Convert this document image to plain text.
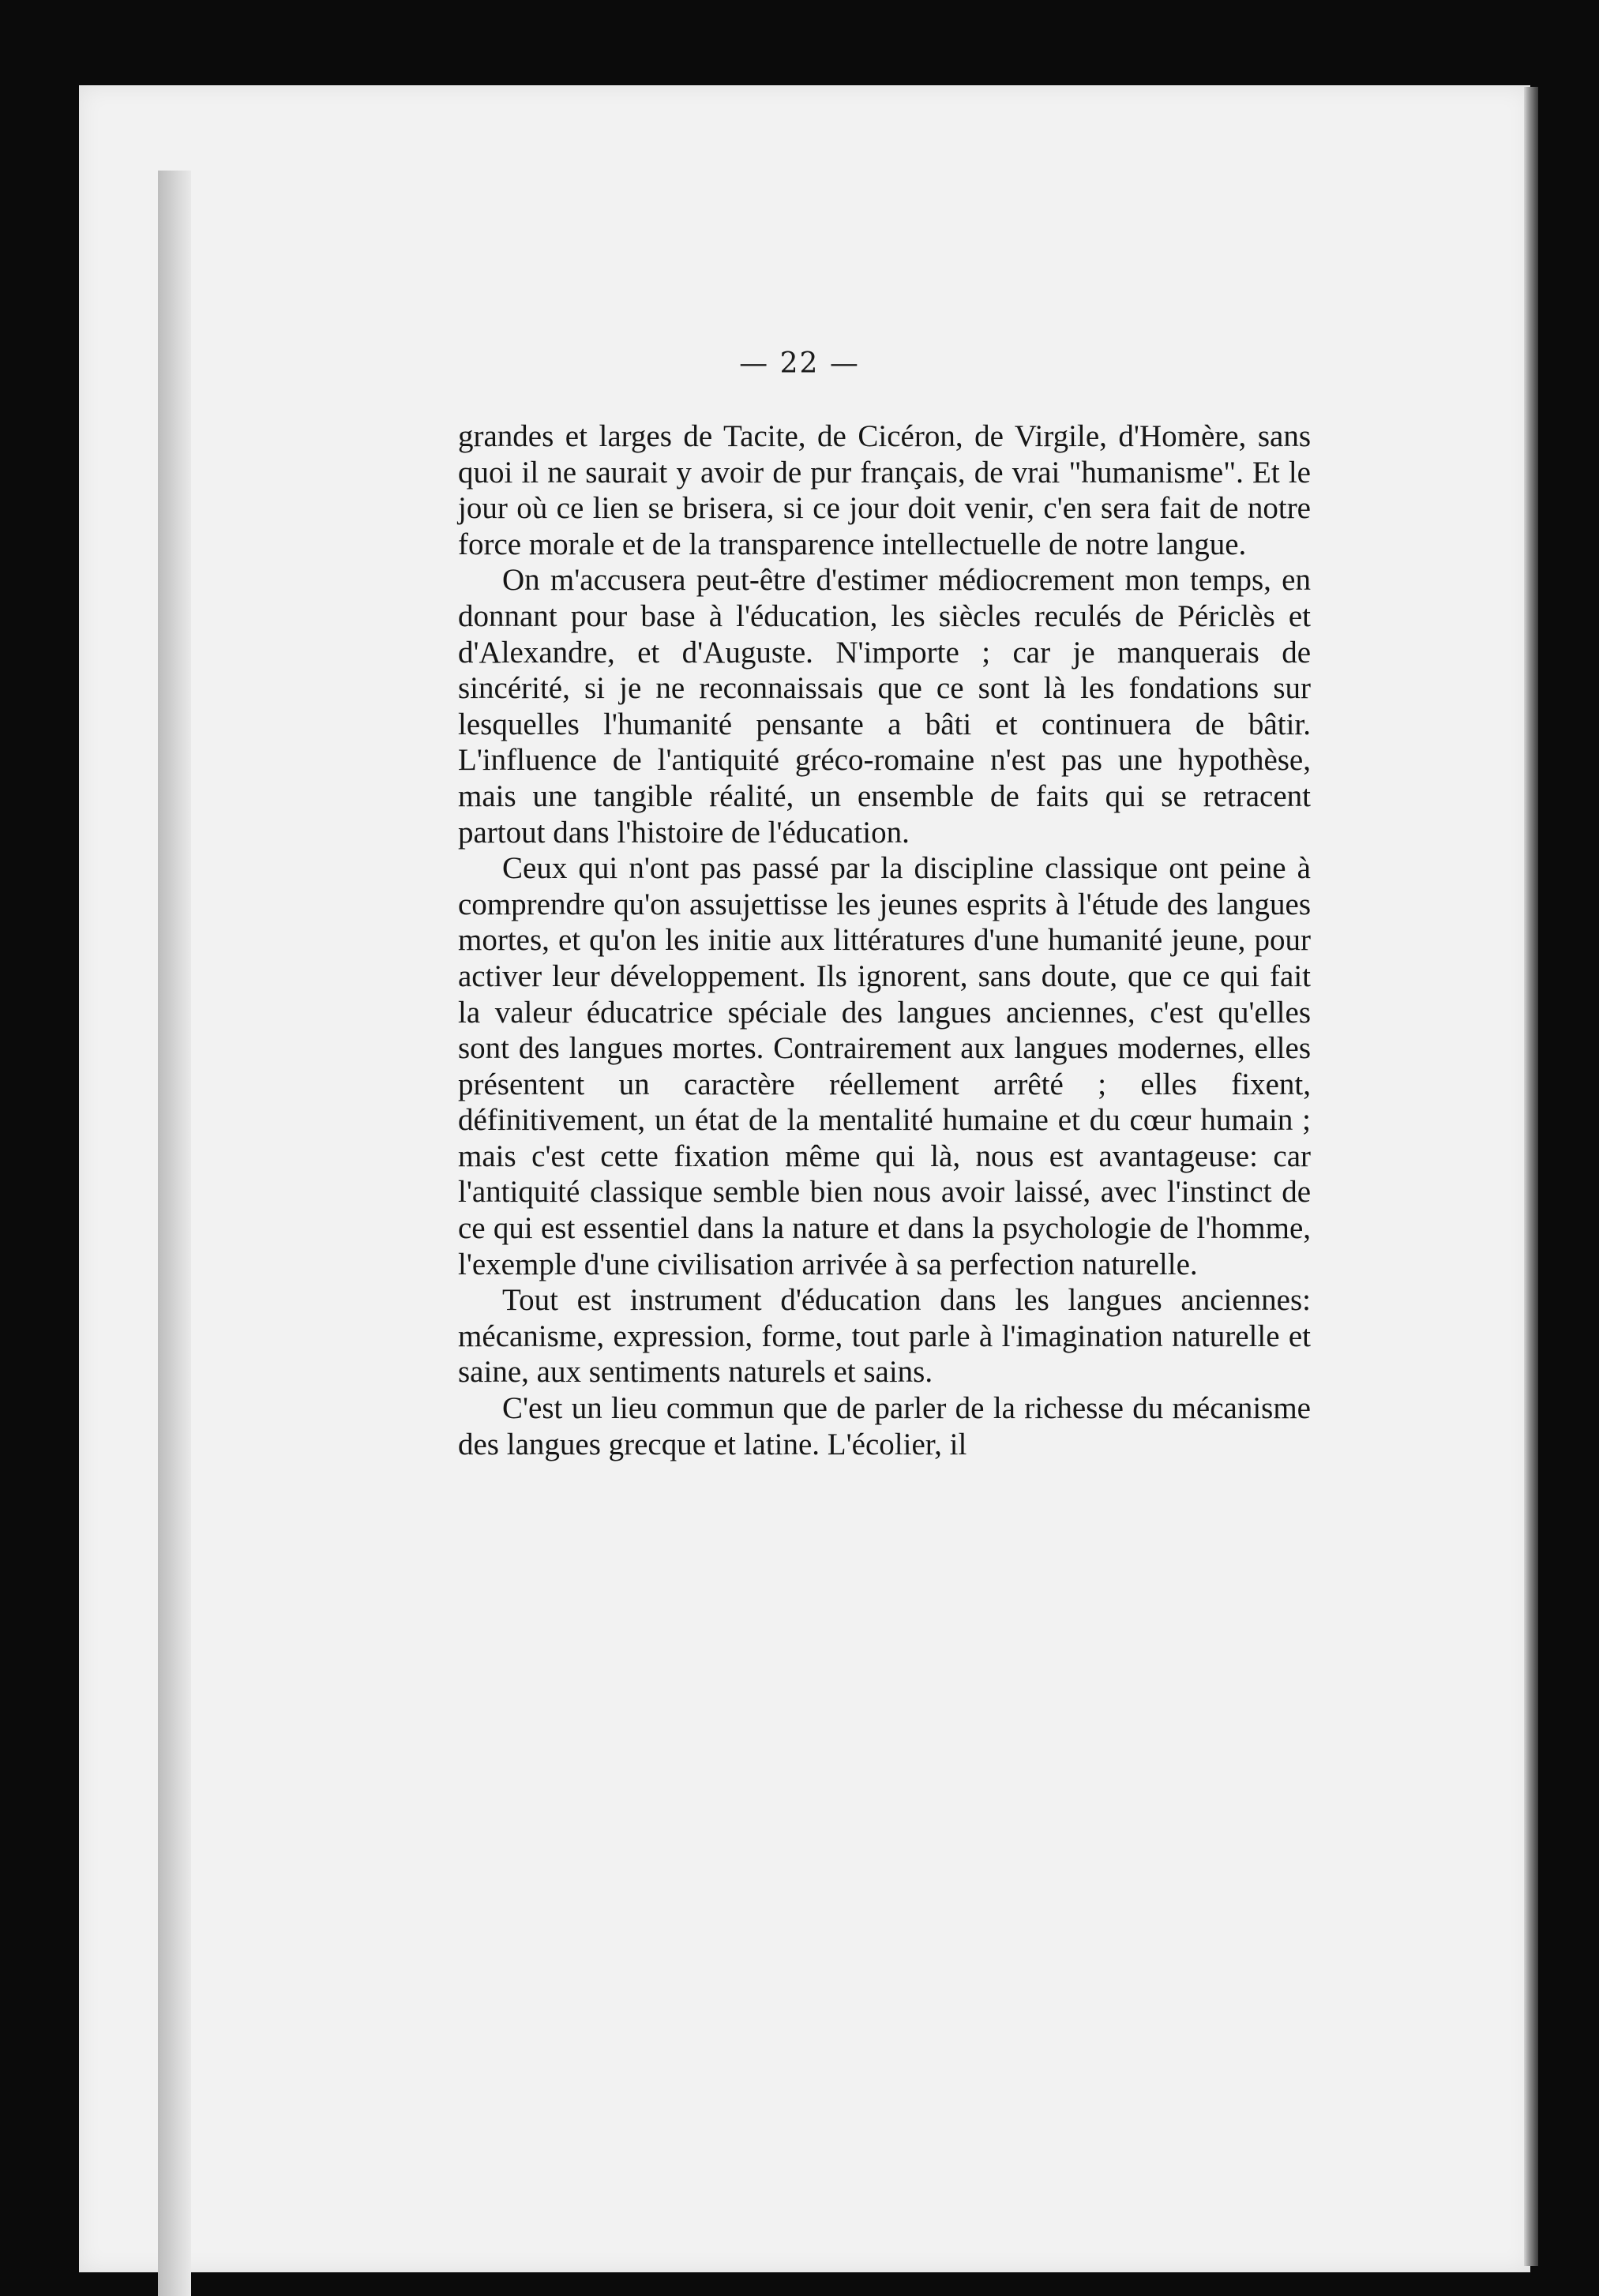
— 22 —

grandes et larges de Tacite, de Cicéron, de Virgile, d'Homère, sans quoi il ne saurait y avoir de pur français, de vrai "humanisme". Et le jour où ce lien se brisera, si ce jour doit venir, c'en sera fait de notre force morale et de la transparence intellectuelle de notre langue.

On m'accusera peut-être d'estimer médiocrement mon temps, en donnant pour base à l'éducation, les siècles reculés de Périclès et d'Alexandre, et d'Auguste. N'importe ; car je manquerais de sincérité, si je ne reconnaissais que ce sont là les fondations sur lesquelles l'humanité pensante a bâti et continuera de bâtir. L'influence de l'antiquité gréco-romaine n'est pas une hypothèse, mais une tangible réalité, un ensemble de faits qui se retracent partout dans l'histoire de l'éducation.

Ceux qui n'ont pas passé par la discipline classique ont peine à comprendre qu'on assujettisse les jeunes esprits à l'étude des langues mortes, et qu'on les initie aux littératures d'une humanité jeune, pour activer leur développement. Ils ignorent, sans doute, que ce qui fait la valeur éducatrice spéciale des langues anciennes, c'est qu'elles sont des langues mortes. Contrairement aux langues modernes, elles présentent un caractère réellement arrêté ; elles fixent, définitivement, un état de la mentalité humaine et du cœur humain ; mais c'est cette fixation même qui là, nous est avantageuse: car l'antiquité classique semble bien nous avoir laissé, avec l'instinct de ce qui est essentiel dans la nature et dans la psychologie de l'homme, l'exemple d'une civilisation arrivée à sa perfection naturelle.

Tout est instrument d'éducation dans les langues anciennes: mécanisme, expression, forme, tout parle à l'imagination naturelle et saine, aux sentiments naturels et sains.

C'est un lieu commun que de parler de la richesse du mécanisme des langues grecque et latine. L'écolier, il
